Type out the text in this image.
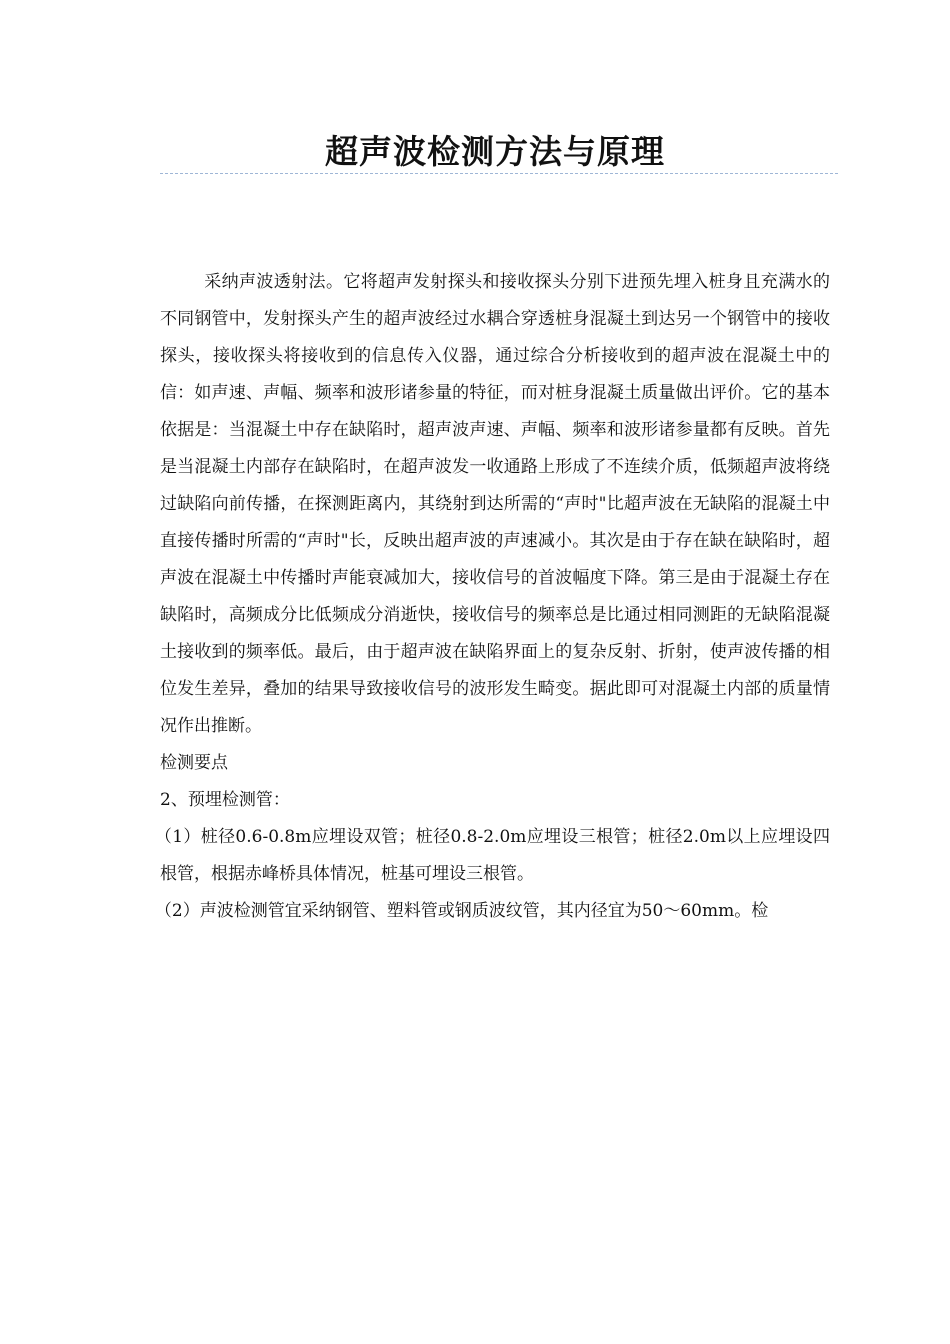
超声波检测方法与原理

采纳声波透射法。它将超声发射探头和接收探头分别下进预先埋入桩身且充满水的不同钢管中，发射探头产生的超声波经过水耦合穿透桩身混凝土到达另一个钢管中的接收探头，接收探头将接收到的信息传入仪器，通过综合分析接收到的超声波在混凝土中的信：如声速、声幅、频率和波形诸参量的特征，而对桩身混凝土质量做出评价。它的基本依据是：当混凝土中存在缺陷时，超声波声速、声幅、频率和波形诸参量都有反映。首先是当混凝土内部存在缺陷时，在超声波发一收通路上形成了不连续介质，低频超声波将绕过缺陷向前传播，在探测距离内，其绕射到达所需的“声时"比超声波在无缺陷的混凝土中直接传播时所需的“声时"长，反映出超声波的声速减小。其次是由于存在缺在缺陷时，超声波在混凝土中传播时声能衰减加大，接收信号的首波幅度下降。第三是由于混凝土存在缺陷时，高频成分比低频成分消逝快，接收信号的频率总是比通过相同测距的无缺陷混凝土接收到的频率低。最后，由于超声波在缺陷界面上的复杂反射、折射，使声波传播的相位发生差异，叠加的结果导致接收信号的波形发生畸变。据此即可对混凝土内部的质量情况作出推断。

检测要点

2、预埋检测管：

（1）桩径0.6-0.8m应埋设双管；桩径0.8-2.0m应埋设三根管；桩径2.0m以上应埋设四根管，根据赤峰桥具体情况，桩基可埋设三根管。

（2）声波检测管宜采纳钢管、塑料管或钢质波纹管，其内径宜为50～60mm。检
